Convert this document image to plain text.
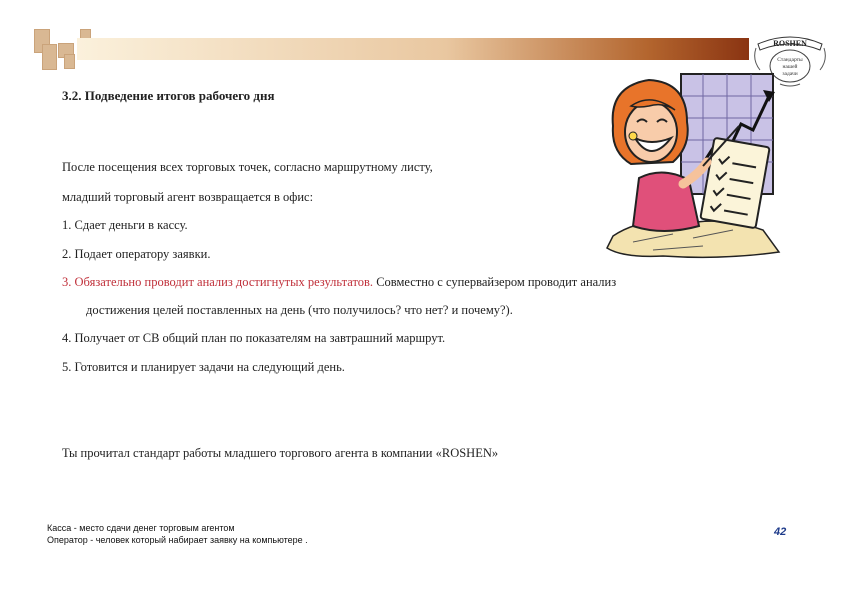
ROSHEN
Стандарты
нашей
задачи
3.2. Подведение итогов рабочего дня
После посещения всех торговых точек, согласно маршрутному листу,
младший торговый агент возвращается в офис:
1. Сдает деньги в кассу.
2. Подает оператору заявки.
3. Обязательно проводит анализ достигнутых результатов. Совместно с супервайзером проводит анализ
достижения целей поставленных на день (что получилось? что нет? и почему?).
4. Получает от СВ общий план по показателям на завтрашний маршрут.
5. Готовится и планирует задачи на следующий день.
Ты прочитал стандарт работы младшего торгового агента в компании «ROSHEN»
Касса - место сдачи денег торговым агентом
Оператор - человек который набирает заявку на компьютере .
42
